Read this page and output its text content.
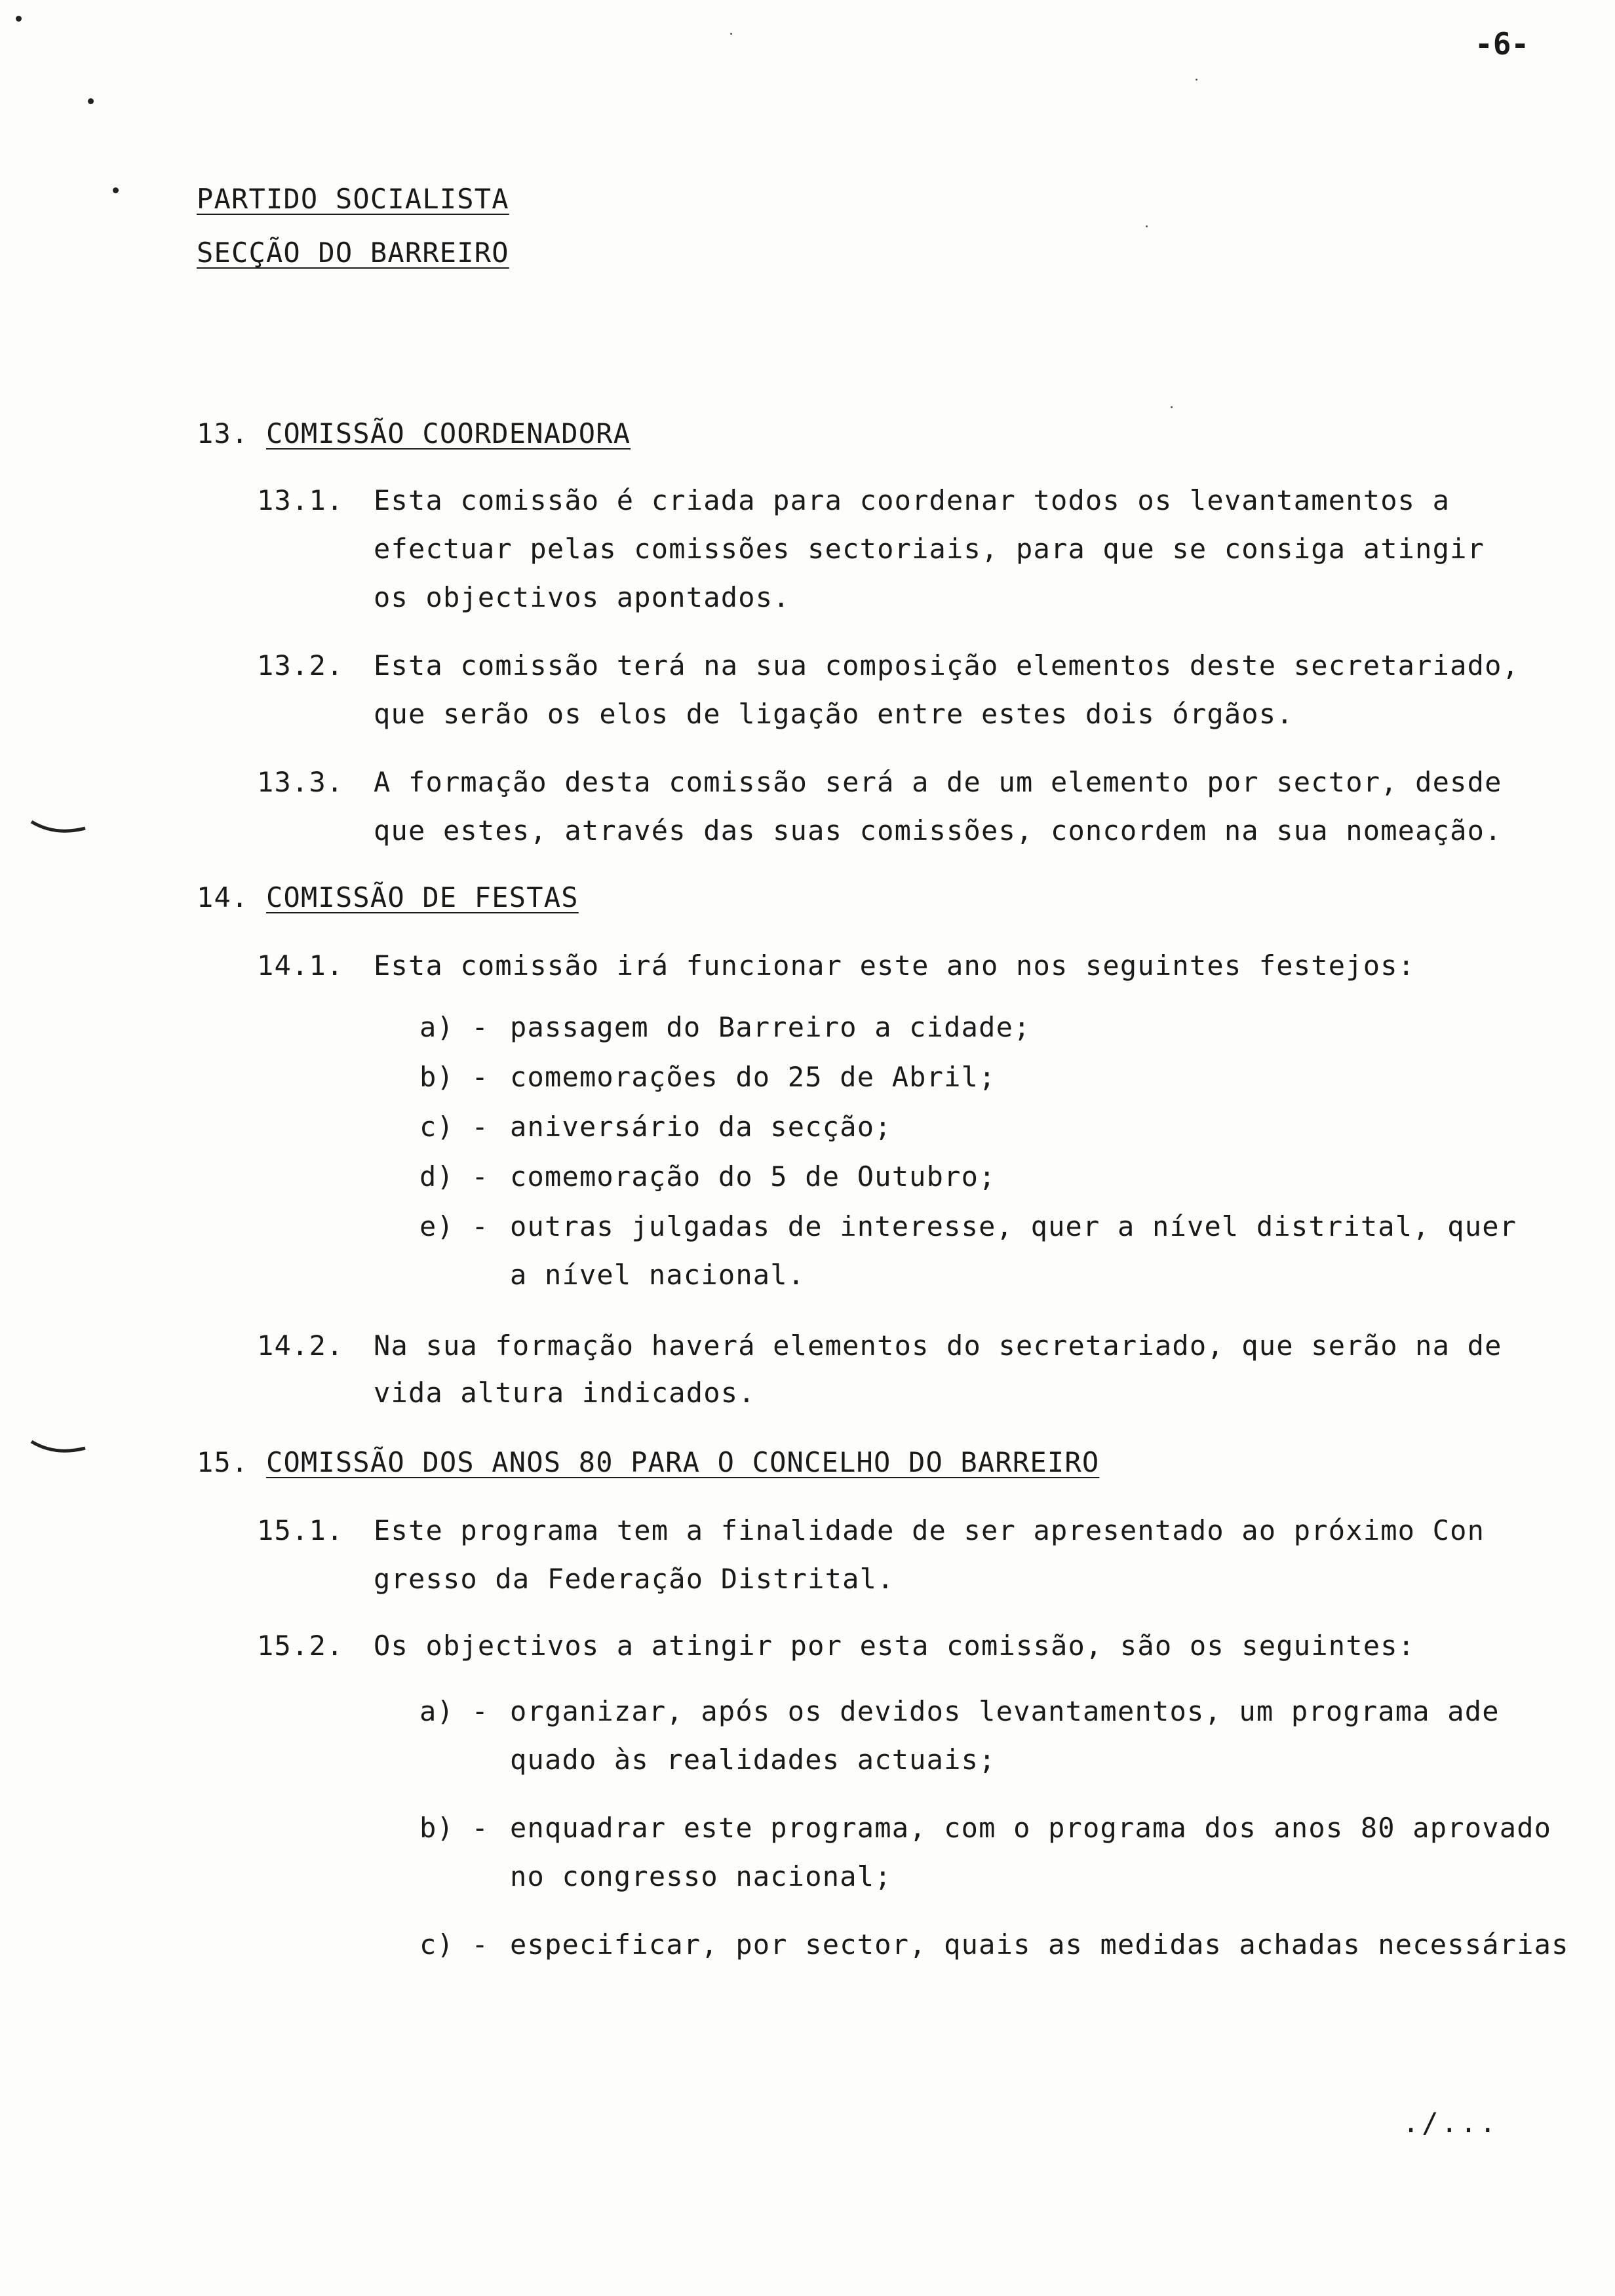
-6-
PARTIDO SOCIALISTA
SECÇÃO DO BARREIRO
13. COMISSÃO COORDENADORA
13.1. Esta comissão é criada para coordenar todos os levantamentos a
efectuar pelas comissões sectoriais, para que se consiga atingir
os objectivos apontados.
13.2. Esta comissão terá na sua composição elementos deste secretariado,
que serão os elos de ligação entre estes dois órgãos.
13.3. A formação desta comissão será a de um elemento por sector, desde
que estes, através das suas comissões, concordem na sua nomeação.
14. COMISSÃO DE FESTAS
14.1. Esta comissão irá funcionar este ano nos seguintes festejos:
a) - passagem do Barreiro a cidade;
b) - comemorações do 25 de Abril;
c) - aniversário da secção;
d) - comemoração do 5 de Outubro;
e) - outras julgadas de interesse, quer a nível distrital, quer
a nível nacional.
14.2. Na sua formação haverá elementos do secretariado, que serão na de
vida altura indicados.
15. COMISSÃO DOS ANOS 80 PARA O CONCELHO DO BARREIRO
15.1. Este programa tem a finalidade de ser apresentado ao próximo Con
gresso da Federação Distrital.
15.2. Os objectivos a atingir por esta comissão, são os seguintes:
a) - organizar, após os devidos levantamentos, um programa ade
quado às realidades actuais;
b) - enquadrar este programa, com o programa dos anos 80 aprovado
no congresso nacional;
c) - especificar, por sector, quais as medidas achadas necessárias
./...
